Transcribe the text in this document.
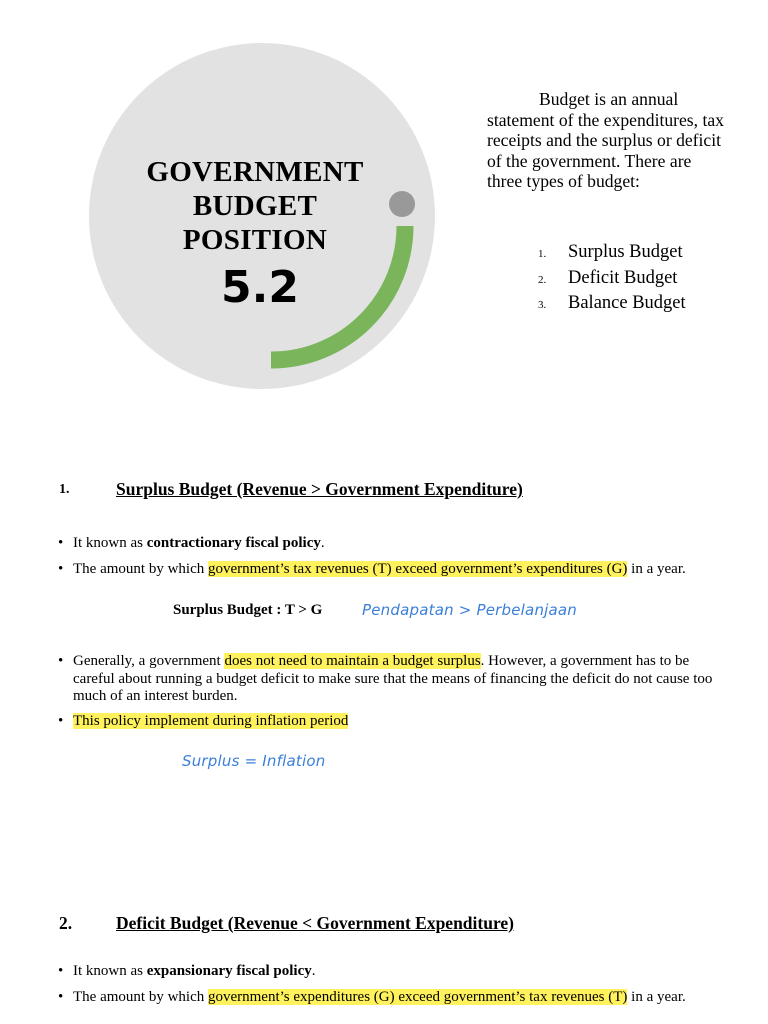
GOVERNMENT
BUDGET
POSITION
5.2
Budget is an annual statement of the expenditures, tax receipts and the surplus or deficit of the government. There are three types of budget:
1.	Surplus Budget
2.	Deficit Budget
3.	Balance Budget
1.	Surplus Budget (Revenue > Government Expenditure)
• It known as contractionary fiscal policy.
• The amount by which government’s tax revenues (T) exceed government’s expenditures (G) in a year.
Surplus Budget : T > G	Pendapatan > Perbelanjaan
• Generally, a government does not need to maintain a budget surplus. However, a government has to be careful about running a budget deficit to make sure that the means of financing the deficit do not cause too much of an interest burden.
• This policy implement during inflation period
Surplus = Inflation
2.	Deficit Budget (Revenue < Government Expenditure)
• It known as expansionary fiscal policy.
• The amount by which government’s expenditures (G) exceed government’s tax revenues (T) in a year.
